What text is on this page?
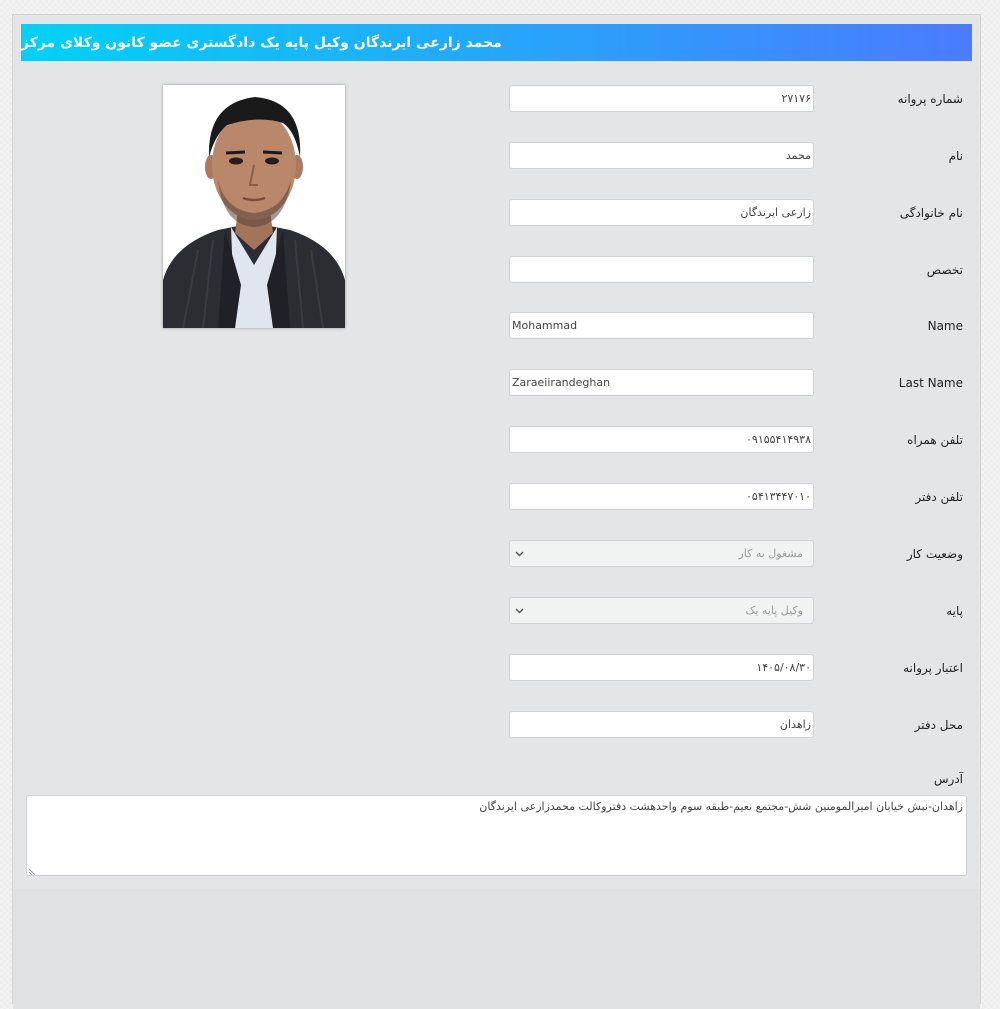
محمد زارعی ایرندگان وکیل پایه یک دادگستری عضو کانون وکلای مرکز
شماره پروانه
۲۷۱۷۶
نام
محمد
نام خانوادگی
زارعی ایرندگان
تخصص
Name
Mohammad
Last Name
Zaraeiirandeghan
تلفن همراه
۰۹۱۵۵۴۱۴۹۳۸
تلفن دفتر
۰۵۴۱۳۴۴۷۰۱۰
وضعیت کار
مشغول به کار
پایه
وکیل پایه یک
اعتبار پروانه
۱۴۰۵/۰۸/۳۰
محل دفتر
زاهدان
آدرس
زاهدان-نبش خیابان امیرالمومنین شش-مجتمع نعیم-طبقه سوم واحدهشت دفتروکالت محمدزارعی ایرندگان
